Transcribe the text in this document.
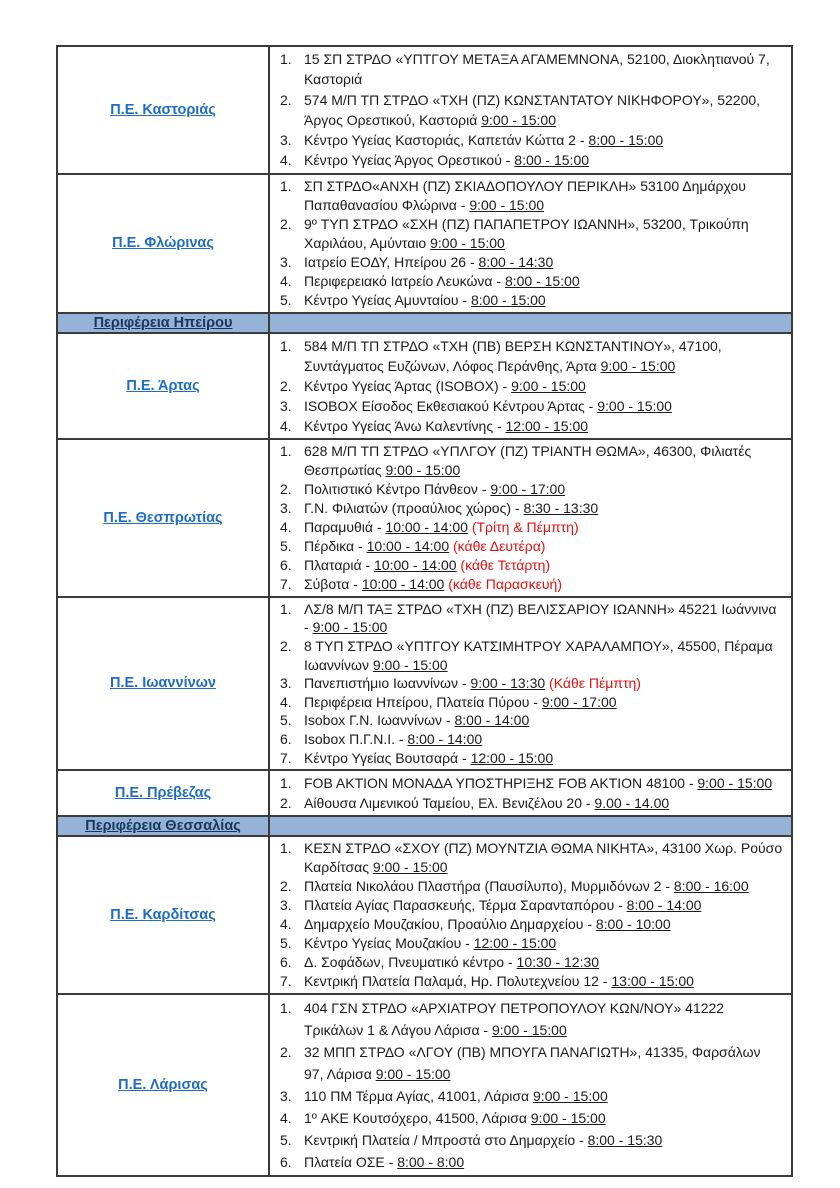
Π.Ε. Καστοριάς
1. 15 ΣΠ ΣΤΡΔΟ «ΥΠΤΓΟΥ ΜΕΤΑΞΑ ΑΓΑΜΕΜΝΟΝΑ, 52100, Διοκλητιανού 7, Καστοριά
2. 574 Μ/Π ΤΠ ΣΤΡΔΟ «ΤΧΗ (ΠΖ) ΚΩΝΣΤΑΝΤΑΤΟΥ ΝΙΚΗΦΟΡΟΥ», 52200, Άργος Ορεστικού, Καστοριά 9:00 - 15:00
3. Κέντρο Υγείας Καστοριάς, Καπετάν Κώττα 2 - 8:00 - 15:00
4. Κέντρο Υγείας Άργος Ορεστικού - 8:00 - 15:00
Π.Ε. Φλώρινας
1. ΣΠ ΣΤΡΔΟ«ΑΝΧΗ (ΠΖ) ΣΚΙΑΔΟΠΟΥΛΟΥ ΠΕΡΙΚΛΗ» 53100 Δημάρχου Παπαθανασίου Φλώρινα - 9:00 - 15:00
2. 9º ΤΥΠ ΣΤΡΔΟ «ΣΧΗ (ΠΖ) ΠΑΠΑΠΕΤΡΟΥ ΙΩΑΝΝΗ», 53200, Τρικούπη Χαριλάου, Αμύνταιο 9:00 - 15:00
3. Ιατρείο ΕΟΔΥ, Ηπείρου 26 - 8:00 - 14:30
4. Περιφερειακό Ιατρείο Λευκώνα - 8:00 - 15:00
5. Κέντρο Υγείας Αμυνταίου - 8:00 - 15:00
Περιφέρεια Ηπείρου
Π.Ε. Άρτας
1. 584 Μ/Π ΤΠ ΣΤΡΔΟ «ΤΧΗ (ΠΒ) ΒΕΡΣΗ ΚΩΝΣΤΑΝΤΙΝΟΥ», 47100, Συντάγματος Ευζώνων, Λόφος Περάνθης, Άρτα 9:00 - 15:00
2. Κέντρο Υγείας Άρτας (ISOBOX) - 9:00 - 15:00
3. ISOBOX Είσοδος Εκθεσιακού Κέντρου Άρτας - 9:00 - 15:00
4. Κέντρο Υγείας Άνω Καλεντίνης - 12:00 - 15:00
Π.Ε. Θεσπρωτίας
1. 628 Μ/Π ΤΠ ΣΤΡΔΟ «ΥΠΛΓΟΥ (ΠΖ) ΤΡΙΑΝΤΗ ΘΩΜΑ», 46300, Φιλιατές Θεσπρωτίας 9:00 - 15:00
2. Πολιτιστικό Κέντρο Πάνθεον - 9:00 - 17:00
3. Γ.Ν. Φιλιατών (προαύλιος χώρος) - 8:30 - 13:30
4. Παραμυθιά - 10:00 - 14:00 (Τρίτη & Πέμπτη)
5. Πέρδικα - 10:00 - 14:00 (κάθε Δευτέρα)
6. Πλαταριά - 10:00 - 14:00 (κάθε Τετάρτη)
7. Σύβοτα - 10:00 - 14:00 (κάθε Παρασκευή)
Π.Ε. Ιωαννίνων
1. ΛΣ/8 Μ/Π ΤΑΞ ΣΤΡΔΟ «ΤΧΗ (ΠΖ) ΒΕΛΙΣΣΑΡΙΟΥ ΙΩΑΝΝΗ» 45221 Ιωάννινα - 9:00 - 15:00
2. 8 ΤΥΠ ΣΤΡΔΟ «ΥΠΤΓΟΥ ΚΑΤΣΙΜΗΤΡΟΥ ΧΑΡΑΛΑΜΠΟΥ», 45500, Πέραμα Ιωαννίνων 9:00 - 15:00
3. Πανεπιστήμιο Ιωαννίνων - 9:00 - 13:30 (Κάθε Πέμπτη)
4. Περιφέρεια Ηπείρου, Πλατεία Πύρου - 9:00 - 17:00
5. Isobox Γ.Ν. Ιωαννίνων - 8:00 - 14:00
6. Isobox Π.Γ.Ν.Ι. - 8:00 - 14:00
7. Κέντρο Υγείας Βουτσαρά - 12:00 - 15:00
Π.Ε. Πρέβεζας
1. FOB AKTION ΜΟΝΑΔΑ ΥΠΟΣΤΗΡΙΞΗΣ FOB AKTION 48100 - 9:00 - 15:00
2. Αίθουσα Λιμενικού Ταμείου, Ελ. Βενιζέλου 20 - 9.00 - 14.00
Περιφέρεια Θεσσαλίας
Π.Ε. Καρδίτσας
1. ΚΕΣΝ ΣΤΡΔΟ «ΣΧΟΥ (ΠΖ) ΜΟΥΝΤΖΙΑ ΘΩΜΑ ΝΙΚΗΤΑ», 43100 Χωρ. Ρούσο Καρδίτσας 9:00 - 15:00
2. Πλατεία Νικολάου Πλαστήρα (Παυσίλυπο), Μυρμιδόνων 2 - 8:00 - 16:00
3. Πλατεία Αγίας Παρασκευής, Τέρμα Σαρανταπόρου - 8:00 - 14:00
4. Δημαρχείο Μουζακίου, Προαύλιο Δημαρχείου - 8:00 - 10:00
5. Κέντρο Υγείας Μουζακίου - 12:00 - 15:00
6. Δ. Σοφάδων, Πνευματικό κέντρο - 10:30 - 12:30
7. Κεντρική Πλατεία Παλαμά, Ηρ. Πολυτεχνείου 12 - 13:00 - 15:00
Π.Ε. Λάρισας
1. 404 ΓΣΝ ΣΤΡΔΟ «ΑΡΧΙΑΤΡΟΥ ΠΕΤΡΟΠΟΥΛΟΥ ΚΩΝ/ΝΟΥ» 41222 Τρικάλων 1 & Λάγου Λάρισα - 9:00 - 15:00
2. 32 ΜΠΠ ΣΤΡΔΟ «ΛΓΟΥ (ΠΒ) ΜΠΟΥΓΑ ΠΑΝΑΓΙΩΤΗ», 41335, Φαρσάλων 97, Λάρισα 9:00 - 15:00
3. 110 ΠΜ Τέρμα Αγίας, 41001, Λάρισα 9:00 - 15:00
4. 1º ΑΚΕ Κουτσόχερο, 41500, Λάρισα 9:00 - 15:00
5. Κεντρική Πλατεία / Μπροστά στο Δημαρχείο - 8:00 - 15:30
6. Πλατεία ΟΣΕ - 8:00 - 8:00
